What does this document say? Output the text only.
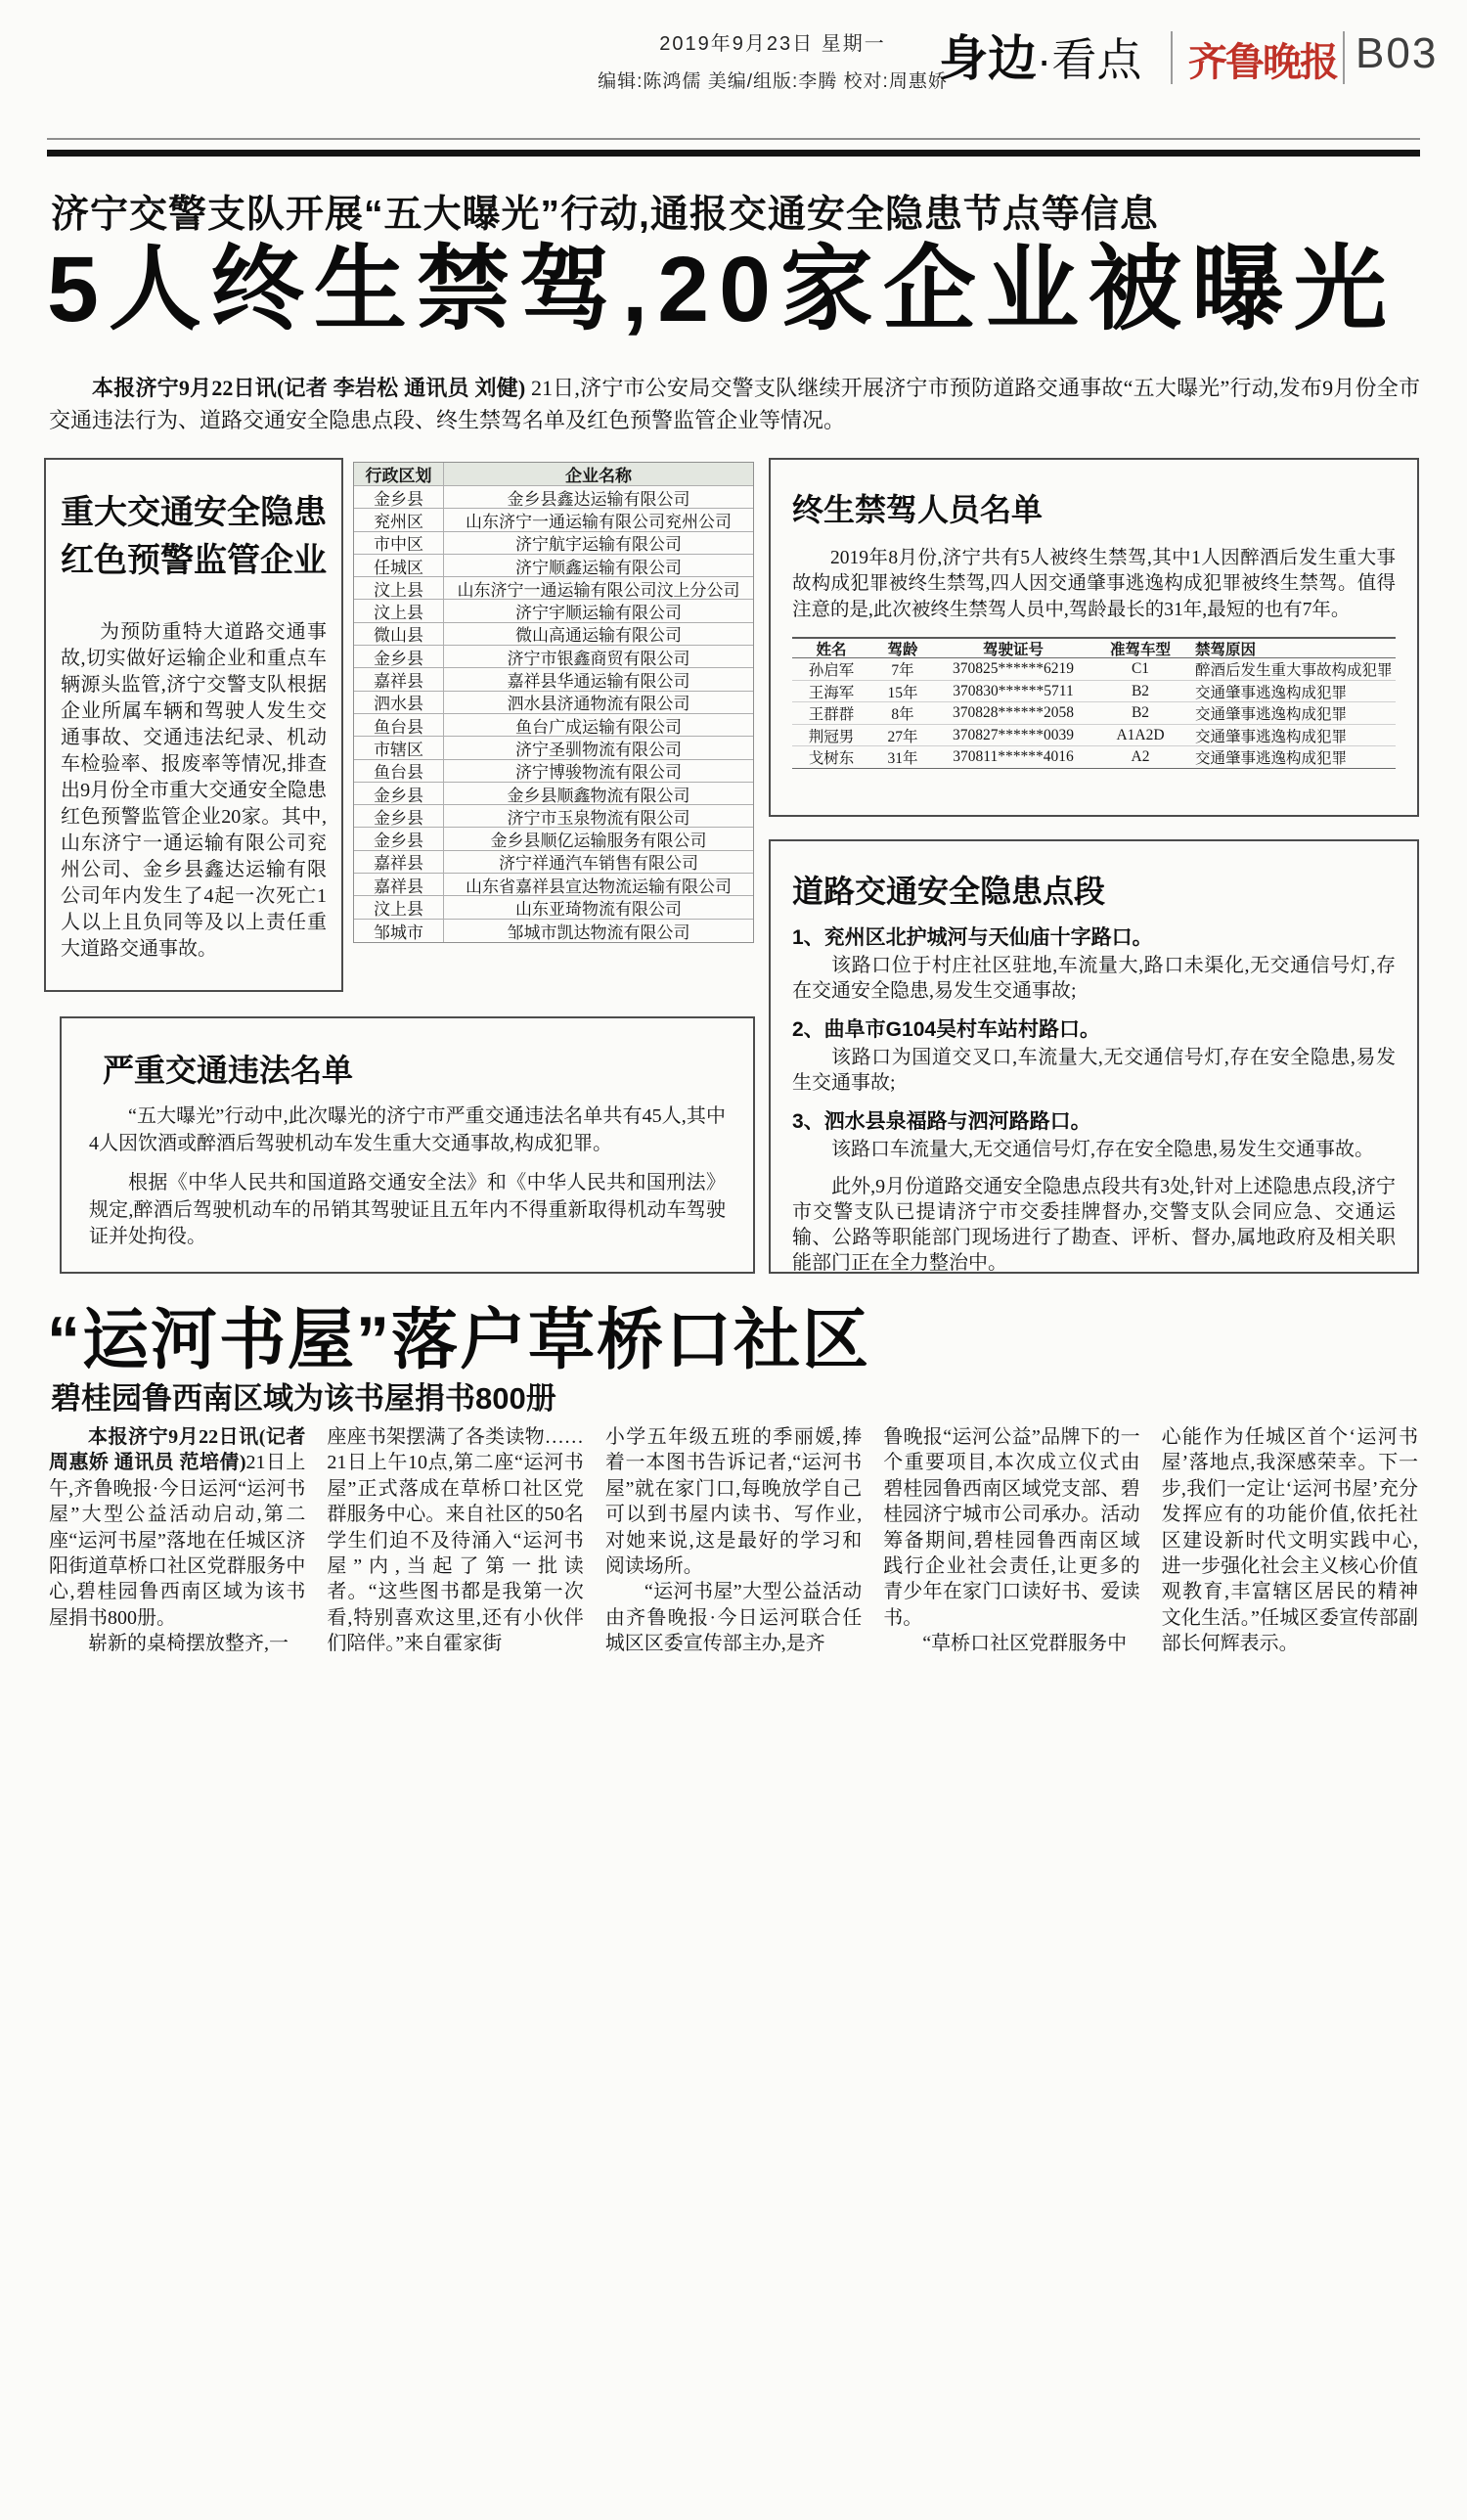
2019年9月23日 星期一
编辑:陈鸿儒 美编/组版:李腾 校对:周惠娇
身边·看点 齐鲁晚报 B03
济宁交警支队开展“五大曝光”行动,通报交通安全隐患节点等信息
5人终生禁驾,20家企业被曝光

本报济宁9月22日讯(记者 李岩松 通讯员 刘健) 21日,济宁市公安局交警支队继续开展济宁市预防道路交通事故“五大曝光”行动,发布9月份全市交通违法行为、道路交通安全隐患点段、终生禁驾名单及红色预警监管企业等情况。

重大交通安全隐患
红色预警监管企业

为预防重特大道路交通事故,切实做好运输企业和重点车辆源头监管,济宁交警支队根据企业所属车辆和驾驶人发生交通事故、交通违法纪录、机动车检验率、报废率等情况,排查出9月份全市重大交通安全隐患红色预警监管企业20家。其中,山东济宁一通运输有限公司兖州公司、金乡县鑫达运输有限公司年内发生了4起一次死亡1人以上且负同等及以上责任重大道路交通事故。

行政区划	企业名称
金乡县	金乡县鑫达运输有限公司
兖州区	山东济宁一通运输有限公司兖州公司
市中区	济宁航宇运输有限公司
任城区	济宁顺鑫运输有限公司
汶上县	山东济宁一通运输有限公司汶上分公司
汶上县	济宁宇顺运输有限公司
微山县	微山高通运输有限公司
金乡县	济宁市银鑫商贸有限公司
嘉祥县	嘉祥县华通运输有限公司
泗水县	泗水县济通物流有限公司
鱼台县	鱼台广成运输有限公司
市辖区	济宁圣驯物流有限公司
鱼台县	济宁博骏物流有限公司
金乡县	金乡县顺鑫物流有限公司
金乡县	济宁市玉泉物流有限公司
金乡县	金乡县顺亿运输服务有限公司
嘉祥县	济宁祥通汽车销售有限公司
嘉祥县	山东省嘉祥县宣达物流运输有限公司
汶上县	山东亚琦物流有限公司
邹城市	邹城市凯达物流有限公司
终生禁驾人员名单

2019年8月份,济宁共有5人被终生禁驾,其中1人因醉酒后发生重大事故构成犯罪被终生禁驾,四人因交通肇事逃逸构成犯罪被终生禁驾。值得注意的是,此次被终生禁驾人员中,驾龄最长的31年,最短的也有7年。

姓名	驾龄	驾驶证号	准驾车型	禁驾原因
孙启军	7年	370825******6219	C1	醉酒后发生重大事故构成犯罪
王海军	15年	370830******5711	B2	交通肇事逃逸构成犯罪
王群群	8年	370828******2058	B2	交通肇事逃逸构成犯罪
荆冠男	27年	370827******0039	A1A2D	交通肇事逃逸构成犯罪
戈树东	31年	370811******4016	A2	交通肇事逃逸构成犯罪
道路交通安全隐患点段
1、兖州区北护城河与天仙庙十字路口。

该路口位于村庄社区驻地,车流量大,路口未渠化,无交通信号灯,存在交通安全隐患,易发生交通事故;

2、曲阜市G104吴村车站村路口。

该路口为国道交叉口,车流量大,无交通信号灯,存在安全隐患,易发生交通事故;

3、泗水县泉福路与泗河路路口。

该路口车流量大,无交通信号灯,存在安全隐患,易发生交通事故。

此外,9月份道路交通安全隐患点段共有3处,针对上述隐患点段,济宁市交警支队已提请济宁市交委挂牌督办,交警支队会同应急、交通运输、公路等职能部门现场进行了勘查、评析、督办,属地政府及相关职能部门正在全力整治中。

严重交通违法名单

“五大曝光”行动中,此次曝光的济宁市严重交通违法名单共有45人,其中4人因饮酒或醉酒后驾驶机动车发生重大交通事故,构成犯罪。

根据《中华人民共和国道路交通安全法》和《中华人民共和国刑法》规定,醉酒后驾驶机动车的吊销其驾驶证且五年内不得重新取得机动车驾驶证并处拘役。

“运河书屋”落户草桥口社区
碧桂园鲁西南区域为该书屋捐书800册

本报济宁9月22日讯(记者 周惠娇 通讯员 范培倩)21日上午,齐鲁晚报·今日运河“运河书屋”大型公益活动启动,第二座“运河书屋”落地在任城区济阳街道草桥口社区党群服务中心,碧桂园鲁西南区域为该书屋捐书800册。

崭新的桌椅摆放整齐,一

座座书架摆满了各类读物……21日上午10点,第二座“运河书屋”正式落成在草桥口社区党群服务中心。来自社区的50名学生们迫不及待涌入“运河书屋”内,当起了第一批读者。“这些图书都是我第一次看,特别喜欢这里,还有小伙伴们陪伴。”来自霍家街

小学五年级五班的季丽媛,捧着一本图书告诉记者,“运河书屋”就在家门口,每晚放学自己可以到书屋内读书、写作业,对她来说,这是最好的学习和阅读场所。

“运河书屋”大型公益活动由齐鲁晚报·今日运河联合任城区区委宣传部主办,是齐

鲁晚报“运河公益”品牌下的一个重要项目,本次成立仪式由碧桂园鲁西南区域党支部、碧桂园济宁城市公司承办。活动筹备期间,碧桂园鲁西南区域践行企业社会责任,让更多的青少年在家门口读好书、爱读书。

“草桥口社区党群服务中

心能作为任城区首个‘运河书屋’落地点,我深感荣幸。下一步,我们一定让‘运河书屋’充分发挥应有的功能价值,依托社区建设新时代文明实践中心,进一步强化社会主义核心价值观教育,丰富辖区居民的精神文化生活。”任城区委宣传部副部长何辉表示。
